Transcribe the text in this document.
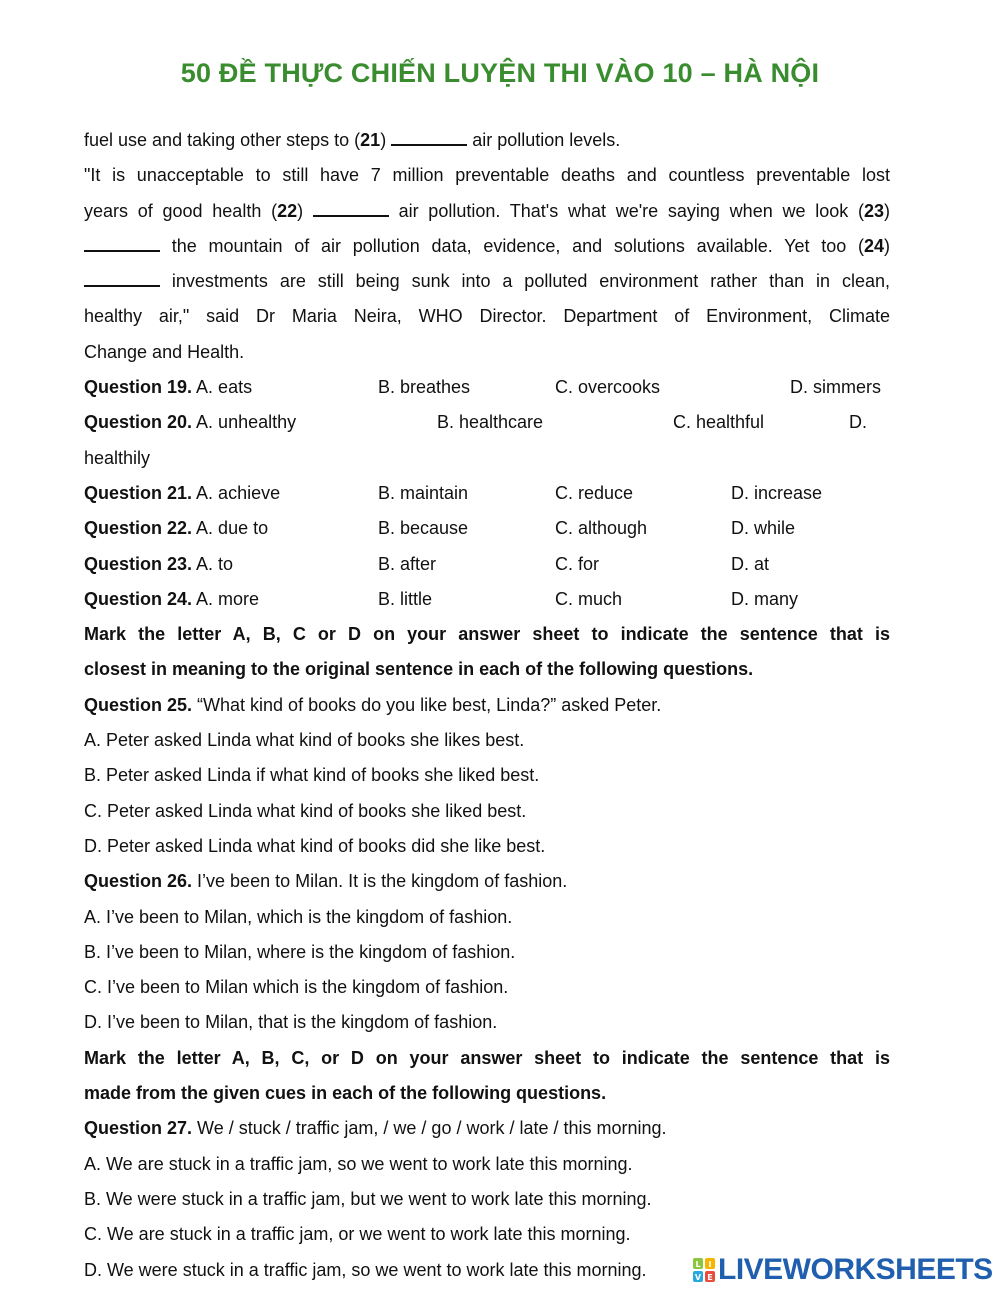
50 ĐỀ THỰC CHIẾN LUYỆN THI VÀO 10 – HÀ NỘI
fuel use and taking other steps to (21)	air pollution levels.
"It is unacceptable to still have 7 million preventable deaths and countless preventable lost
years of good health (22)	air pollution. That's what we're saying when we look (23)
the mountain of air pollution data, evidence, and solutions available. Yet too (24)
investments are still being sunk into a polluted environment rather than in clean,
healthy air," said Dr Maria Neira, WHO Director. Department of Environment, Climate
Change and Health.
Question 19. A. eats	B. breathes	C. overcooks	D. simmers
Question 20. A. unhealthy	B. healthcare	C. healthful	D.
healthily
Question 21. A. achieve	B. maintain	C. reduce	D. increase
Question 22. A. due to	B. because	C. although	D. while
Question 23. A. to	B. after	C. for	D. at
Question 24. A. more	B. little	C. much	D. many
Mark the letter A, B, C or D on your answer sheet to indicate the sentence that is
closest in meaning to the original sentence in each of the following questions.
Question 25. “What kind of books do you like best, Linda?” asked Peter.
A. Peter asked Linda what kind of books she likes best.
B. Peter asked Linda if what kind of books she liked best.
C. Peter asked Linda what kind of books she liked best.
D. Peter asked Linda what kind of books did she like best.
Question 26. I’ve been to Milan. It is the kingdom of fashion.
A. I’ve been to Milan, which is the kingdom of fashion.
B. I’ve been to Milan, where is the kingdom of fashion.
C. I’ve been to Milan which is the kingdom of fashion.
D. I’ve been to Milan, that is the kingdom of fashion.
Mark the letter A, B, C, or D on your answer sheet to indicate the sentence that is
made from the given cues in each of the following questions.
Question 27. We / stuck / traffic jam, / we / go / work / late / this morning.
A. We are stuck in a traffic jam, so we went to work late this morning.
B. We were stuck in a traffic jam, but we went to work late this morning.
C. We are stuck in a traffic jam, or we went to work late this morning.
D. We were stuck in a traffic jam, so we went to work late this morning.	L I
V E LIVEWORKSHEETS
